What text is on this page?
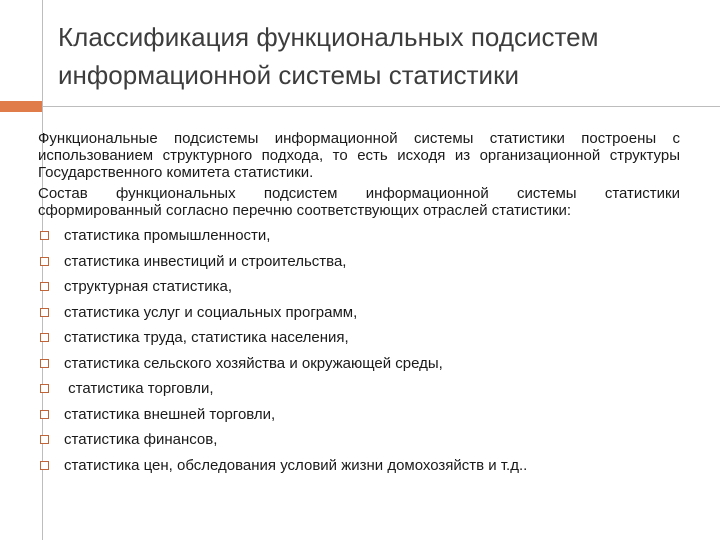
Классификация функциональных подсистем информационной системы статистики

Функциональные подсистемы информационной системы статистики построены с использованием структурного подхода, то есть исходя из организационной структуры Государственного комитета статистики.

Состав функциональных подсистем информационной системы статистики сформированный согласно перечню соответствующих отраслей статистики:

статистика промышленности,
статистика инвестиций и строительства,
структурная статистика,
статистика услуг и социальных программ,
статистика труда, статистика населения,
статистика сельского хозяйства и окружающей среды,
статистика торговли,
статистика внешней торговли,
статистика финансов,
статистика цен, обследования условий жизни домохозяйств и т.д..
